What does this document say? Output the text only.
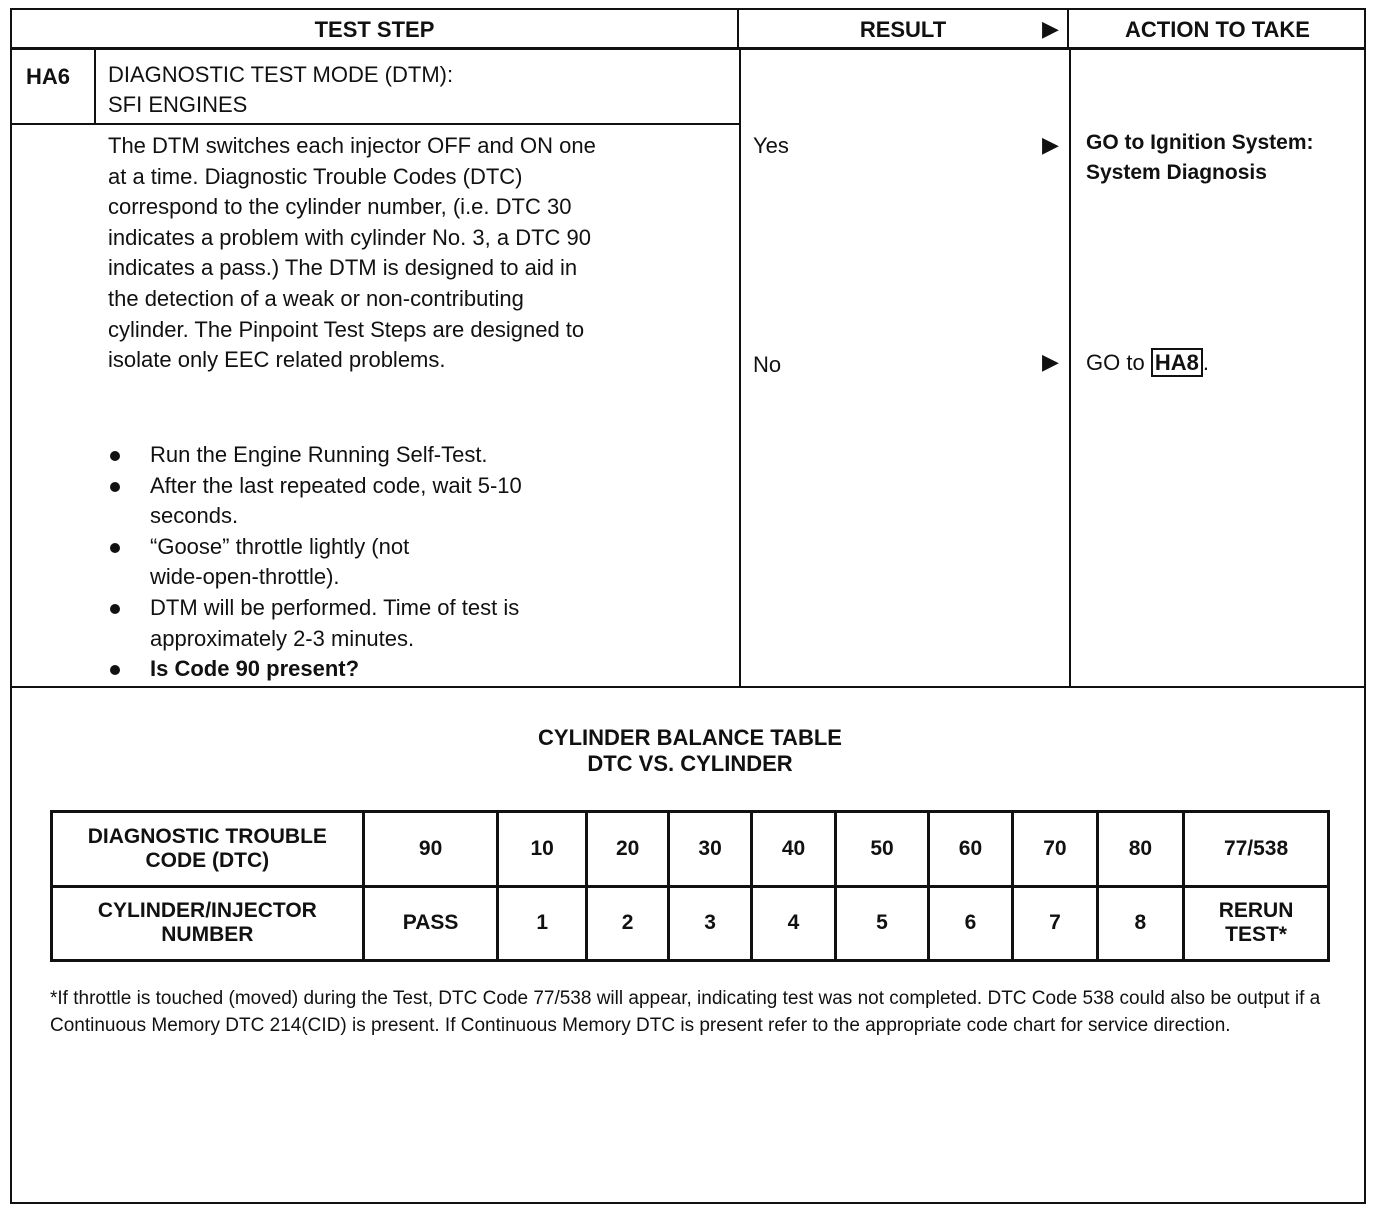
TEST STEP	RESULT	▶	ACTION TO TAKE
HA6 DIAGNOSTIC TEST MODE (DTM):
SFI ENGINES
The DTM switches each injector OFF and ON one
at a time. Diagnostic Trouble Codes (DTC)
correspond to the cylinder number, (i.e. DTC 30
indicates a problem with cylinder No. 3, a DTC 90
indicates a pass.) The DTM is designed to aid in
the detection of a weak or non-contributing
cylinder. The Pinpoint Test Steps are designed to
isolate only EEC related problems.
Run the Engine Running Self-Test.
After the last repeated code, wait 5-10
seconds.
“Goose” throttle lightly (not
wide-open-throttle).
DTM will be performed. Time of test is
approximately 2-3 minutes.
Is Code 90 present?
Yes	▶ GO to Ignition System:
System Diagnosis
No	▶ GO to HA8 .
CYLINDER BALANCE TABLE
DTC VS. CYLINDER
DIAGNOSTIC TROUBLE
CODE (DTC)	90	10	20	30	40	50	60	70	80	77/538
CYLINDER/INJECTOR
NUMBER	PASS	1	2	3	4	5	6	7	8	RERUN
TEST*
*If throttle is touched (moved) during the Test, DTC Code 77/538 will appear, indicating test was not completed. DTC Code 538 could also be output if a Continuous Memory DTC 214(CID) is present. If Continuous Memory DTC is present refer to the appropriate code chart for service direction.
